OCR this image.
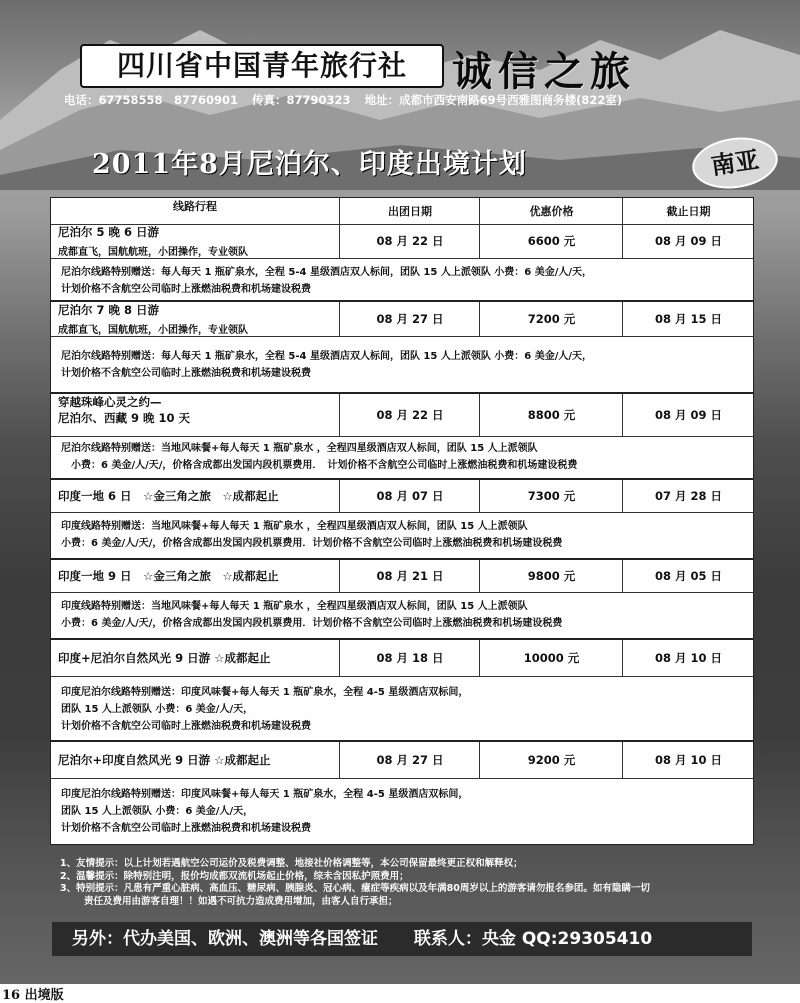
四川省中国青年旅行社	诚信之旅
电话：67758558　87760901 传真：87790323 地址：成都市西安南路69号西雅图商务楼(822室)
2011年8月尼泊尔、印度出境计划	南亚
线路行程	出团日期	优惠价格	截止日期
尼泊尔 5 晚 6 日游
成都直飞，国航航班，小团操作，专业领队
08 月 22 日	6600 元	08 月 09 日
尼泊尔线路特别赠送：每人每天 1 瓶矿泉水，全程 5-4 星级酒店双人标间，团队 15 人上派领队 小费：6 美金/人/天，
计划价格不含航空公司临时上涨燃油税费和机场建设税费
尼泊尔 7 晚 8 日游
成都直飞，国航航班，小团操作，专业领队
08 月 27 日	7200 元	08 月 15 日
尼泊尔线路特别赠送：每人每天 1 瓶矿泉水，全程 5-4 星级酒店双人标间，团队 15 人上派领队 小费：6 美金/人/天，
计划价格不含航空公司临时上涨燃油税费和机场建设税费
穿越珠峰心灵之约—
尼泊尔、西藏 9 晚 10 天	08 月 22 日	8800 元	08 月 09 日
尼泊尔线路特别赠送：当地风味餐+每人每天 1 瓶矿泉水 ，全程四星级酒店双人标间，团队 15 人上派领队
　小费：6 美金/人/天/，价格含成都出发国内段机票费用．　计划价格不含航空公司临时上涨燃油税费和机场建设税费
印度一地 6 日　☆金三角之旅　☆成都起止	08 月 07 日	7300 元	07 月 28 日
印度线路特别赠送：当地风味餐+每人每天 1 瓶矿泉水 ，全程四星级酒店双人标间，团队 15 人上派领队
小费：6 美金/人/天/，价格含成都出发国内段机票费用．计划价格不含航空公司临时上涨燃油税费和机场建设税费
印度一地 9 日　☆金三角之旅　☆成都起止	08 月 21 日	9800 元	08 月 05 日
印度线路特别赠送：当地风味餐+每人每天 1 瓶矿泉水 ，全程四星级酒店双人标间，团队 15 人上派领队
小费：6 美金/人/天/，价格含成都出发国内段机票费用．计划价格不含航空公司临时上涨燃油税费和机场建设税费
印度+尼泊尔自然风光 9 日游 ☆成都起止	08 月 18 日	10000 元	08 月 10 日
印度尼泊尔线路特别赠送：印度风味餐+每人每天 1 瓶矿泉水，全程 4-5 星级酒店双标间，
团队 15 人上派领队 小费：6 美金/人/天，
计划价格不含航空公司临时上涨燃油税费和机场建设税费
尼泊尔+印度自然风光 9 日游 ☆成都起止	08 月 27 日	9200 元	08 月 10 日
印度尼泊尔线路特别赠送：印度风味餐+每人每天 1 瓶矿泉水，全程 4-5 星级酒店双标间，
团队 15 人上派领队 小费：6 美金/人/天，
计划价格不含航空公司临时上涨燃油税费和机场建设税费
1、友情提示：以上计划若遇航空公司运价及税费调整、地接社价格调整等，本公司保留最终更正权和解释权；
2、温馨提示：除特别注明，报价均成都双流机场起止价格，综未含因私护照费用；
3、特别提示：凡患有严重心脏病、高血压、糖尿病、胰腺炎、冠心病、癔症等疾病以及年满80周岁以上的游客请勿报名参团。如有隐瞒一切
责任及费用由游客自理！！如遇不可抗力造成费用增加，由客人自行承担；
另外：代办美国、欧洲、澳洲等各国签证 联系人：央金 QQ:29305410
16 出境版
